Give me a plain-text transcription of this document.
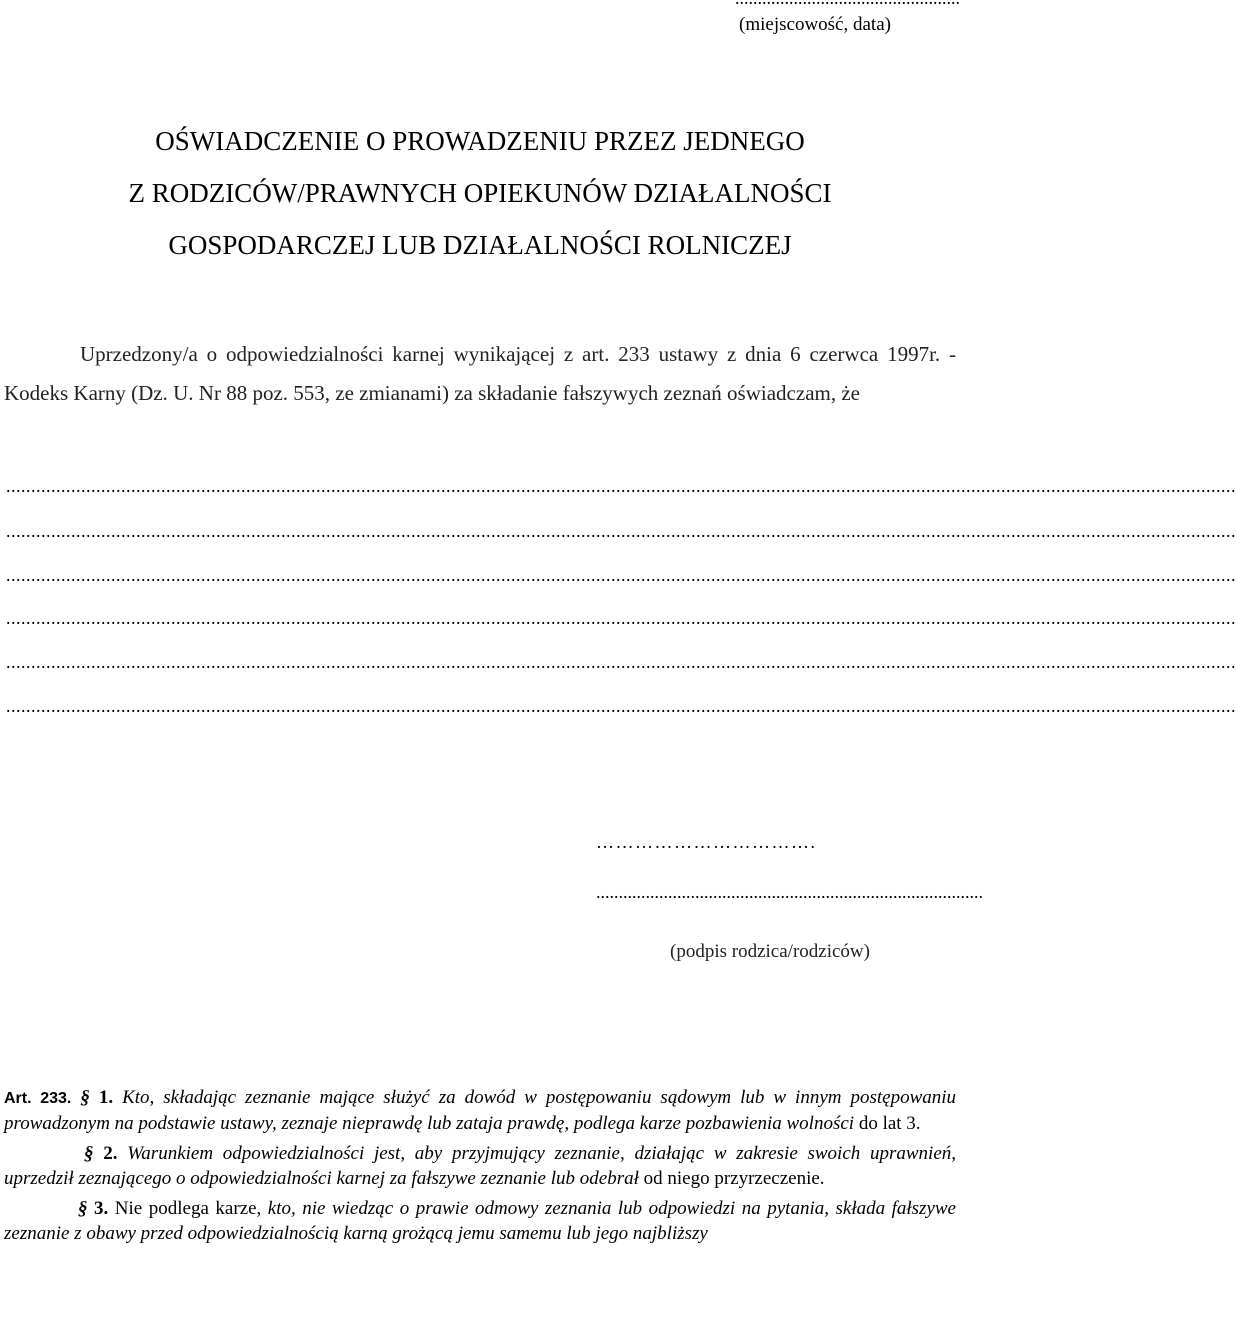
(miejscowość, data)
OŚWIADCZENIE O PROWADZENIU PRZEZ JEDNEGO
Z RODZICÓW/PRAWNYCH OPIEKUNÓW DZIAŁALNOŚCI
GOSPODARCZEJ LUB DZIAŁALNOŚCI ROLNICZEJ
Uprzedzony/a o odpowiedzialności karnej wynikającej z art. 233 ustawy z dnia 6 czerwca 1997r. - Kodeks Karny (Dz. U. Nr 88 poz. 553, ze zmianami) za składanie fałszywych zeznań oświadczam, że
......................................................................................................................................................................................................................................................
......................................................................................................................................................................................................................................................
......................................................................................................................................................................................................................................................
......................................................................................................................................................................................................................................................
......................................................................................................................................................................................................................................................
......................................................................................................................................................................................................................................................
…………………………….
......................................................................................
(podpis rodzica/rodziców)

Art. 233. § 1. Kto, składając zeznanie mające służyć za dowód w postępowaniu sądowym lub w innym postępowaniu prowadzonym na podstawie ustawy, zeznaje nieprawdę lub zataja prawdę, podlega karze pozbawienia wolności do lat 3.

§ 2. Warunkiem odpowiedzialności jest, aby przyjmujący zeznanie, działając w zakresie swoich uprawnień, uprzedził zeznającego o odpowiedzialności karnej za fałszywe zeznanie lub odebrał od niego przyrzeczenie.

§ 3. Nie podlega karze, kto, nie wiedząc o prawie odmowy zeznania lub odpowiedzi na pytania, składa fałszywe zeznanie z obawy przed odpowiedzialnością karną grożącą jemu samemu lub jego najbliższy
